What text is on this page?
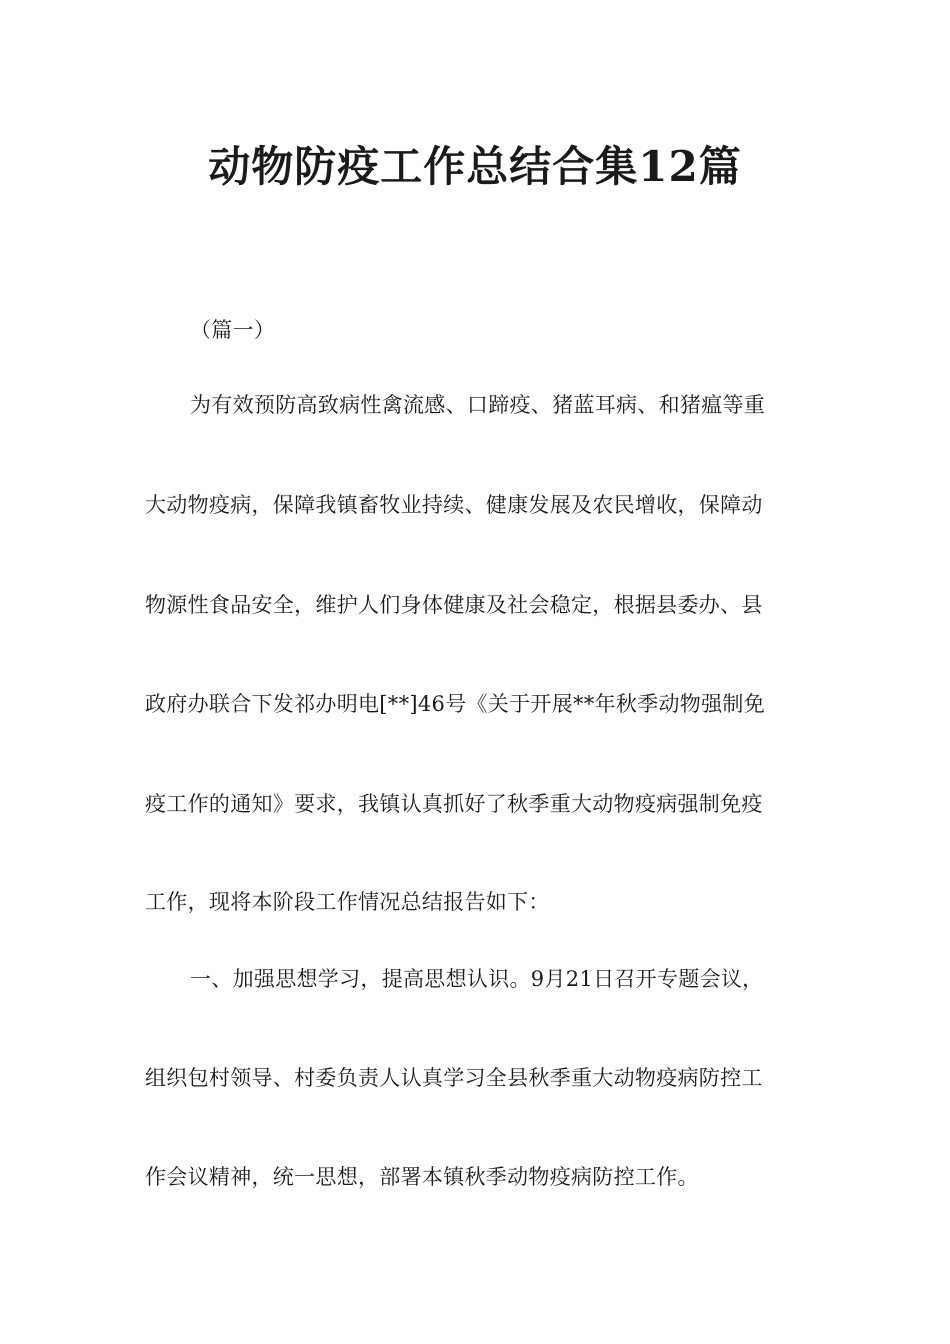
动物防疫工作总结合集12篇

（篇一）

为有效预防高致病性禽流感、口蹄疫、猪蓝耳病、和猪瘟等重

大动物疫病，保障我镇畜牧业持续、健康发展及农民增收，保障动

物源性食品安全，维护人们身体健康及社会稳定，根据县委办、县

政府办联合下发祁办明电[**]46号《关于开展**年秋季动物强制免

疫工作的通知》要求，我镇认真抓好了秋季重大动物疫病强制免疫

工作，现将本阶段工作情况总结报告如下：

一、加强思想学习，提高思想认识。9月21日召开专题会议，

组织包村领导、村委负责人认真学习全县秋季重大动物疫病防控工

作会议精神，统一思想，部署本镇秋季动物疫病防控工作。
